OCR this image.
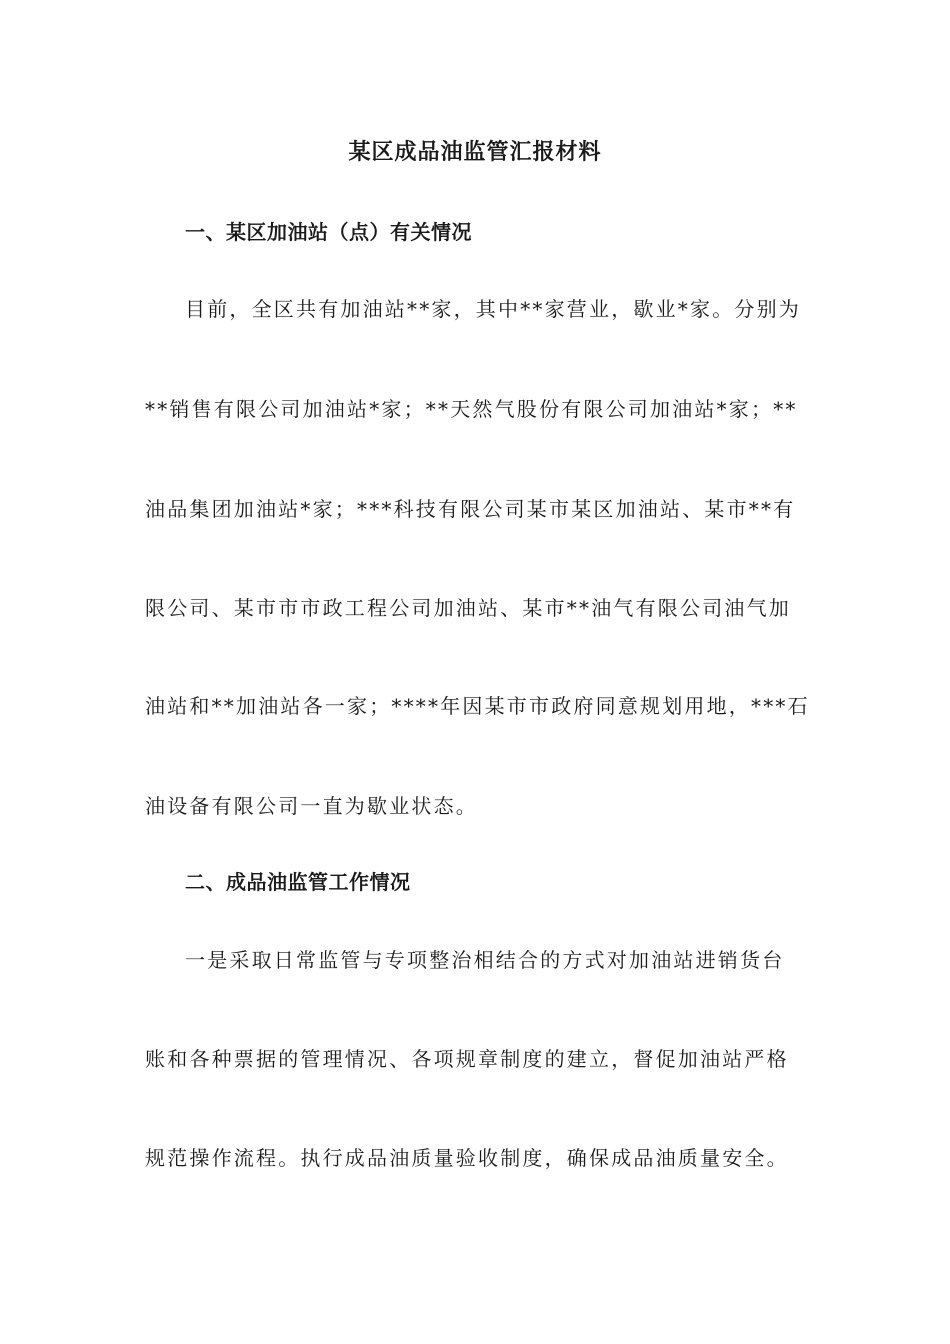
某区成品油监管汇报材料
一、某区加油站（点）有关情况

目前，全区共有加油站**家，其中**家营业，歇业*家。分别为

**销售有限公司加油站*家；**天然气股份有限公司加油站*家；**

油品集团加油站*家；***科技有限公司某市某区加油站、某市**有

限公司、某市市市政工程公司加油站、某市**油气有限公司油气加

油站和**加油站各一家；****年因某市市政府同意规划用地，***石

油设备有限公司一直为歇业状态。

二、成品油监管工作情况

一是采取日常监管与专项整治相结合的方式对加油站进销货台

账和各种票据的管理情况、各项规章制度的建立，督促加油站严格

规范操作流程。执行成品油质量验收制度，确保成品油质量安全。
